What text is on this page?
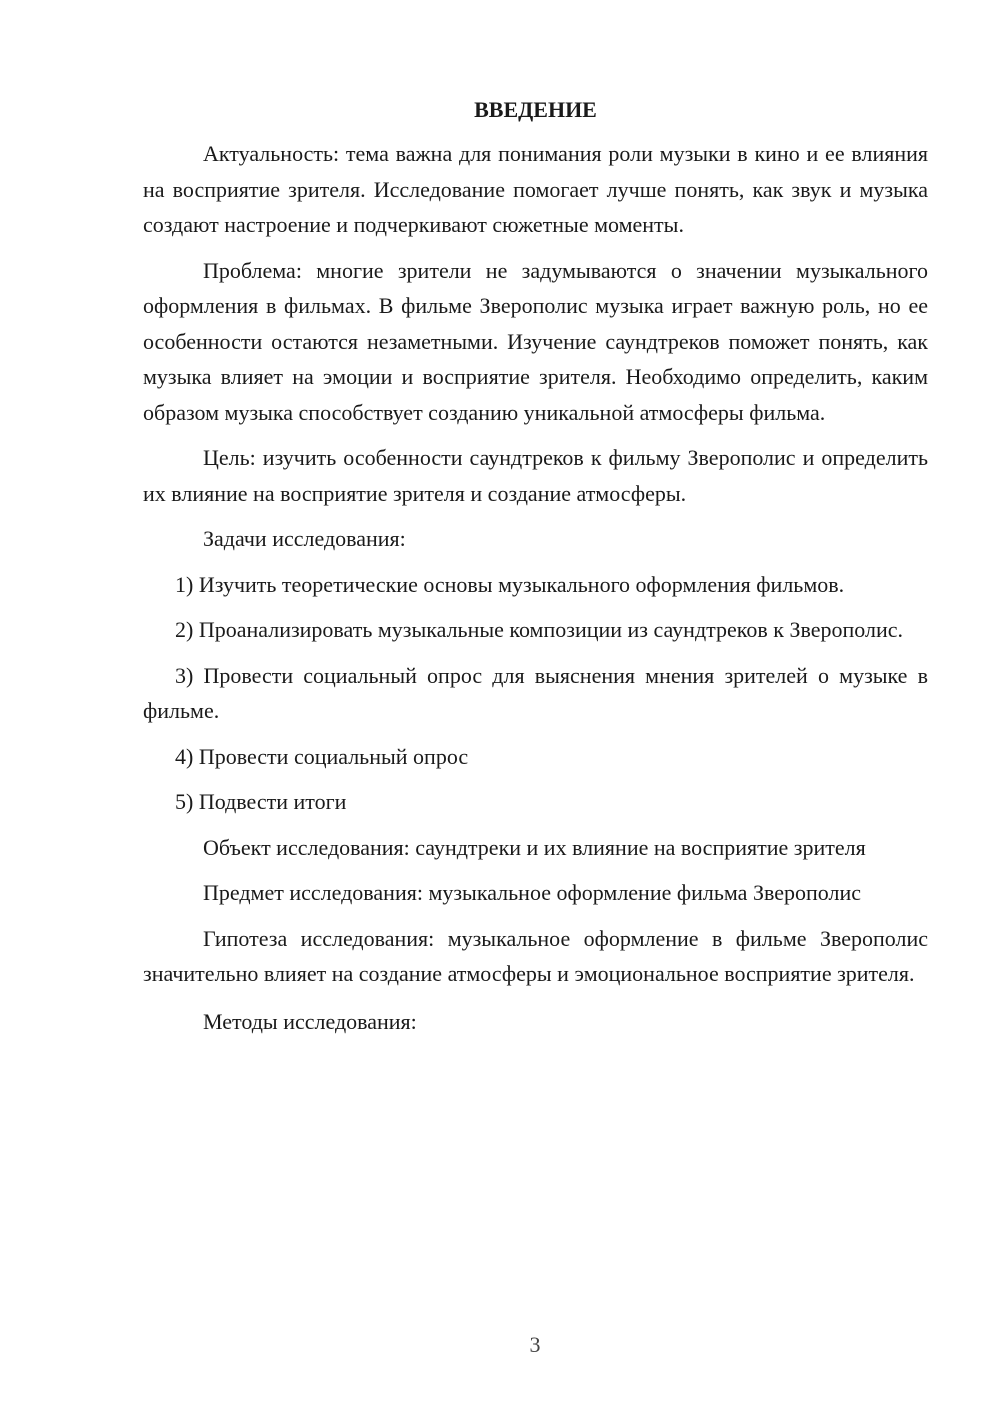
ВВЕДЕНИЕ

Актуальность: тема важна для понимания роли музыки в кино и ее влияния на восприятие зрителя. Исследование помогает лучше понять, как звук и музыка создают настроение и подчеркивают сюжетные моменты.

Проблема: многие зрители не задумываются о значении музыкального оформления в фильмах. В фильме Зверополис музыка играет важную роль, но ее особенности остаются незаметными. Изучение саундтреков поможет понять, как музыка влияет на эмоции и восприятие зрителя. Необходимо определить, каким образом музыка способствует созданию уникальной атмосферы фильма.

Цель: изучить особенности саундтреков к фильму Зверополис и определить их влияние на восприятие зрителя и создание атмосферы.

Задачи исследования:

1) Изучить теоретические основы музыкального оформления фильмов.

2) Проанализировать музыкальные композиции из саундтреков к Зверополис.

3) Провести социальный опрос для выяснения мнения зрителей о музыке в фильме.

4) Провести социальный опрос

5) Подвести итоги

Объект исследования: саундтреки и их влияние на восприятие зрителя

Предмет исследования: музыкальное оформление фильма Зверополис

Гипотеза исследования: музыкальное оформление в фильме Зверополис значительно влияет на создание атмосферы и эмоциональное восприятие зрителя.

Методы исследования:

3
